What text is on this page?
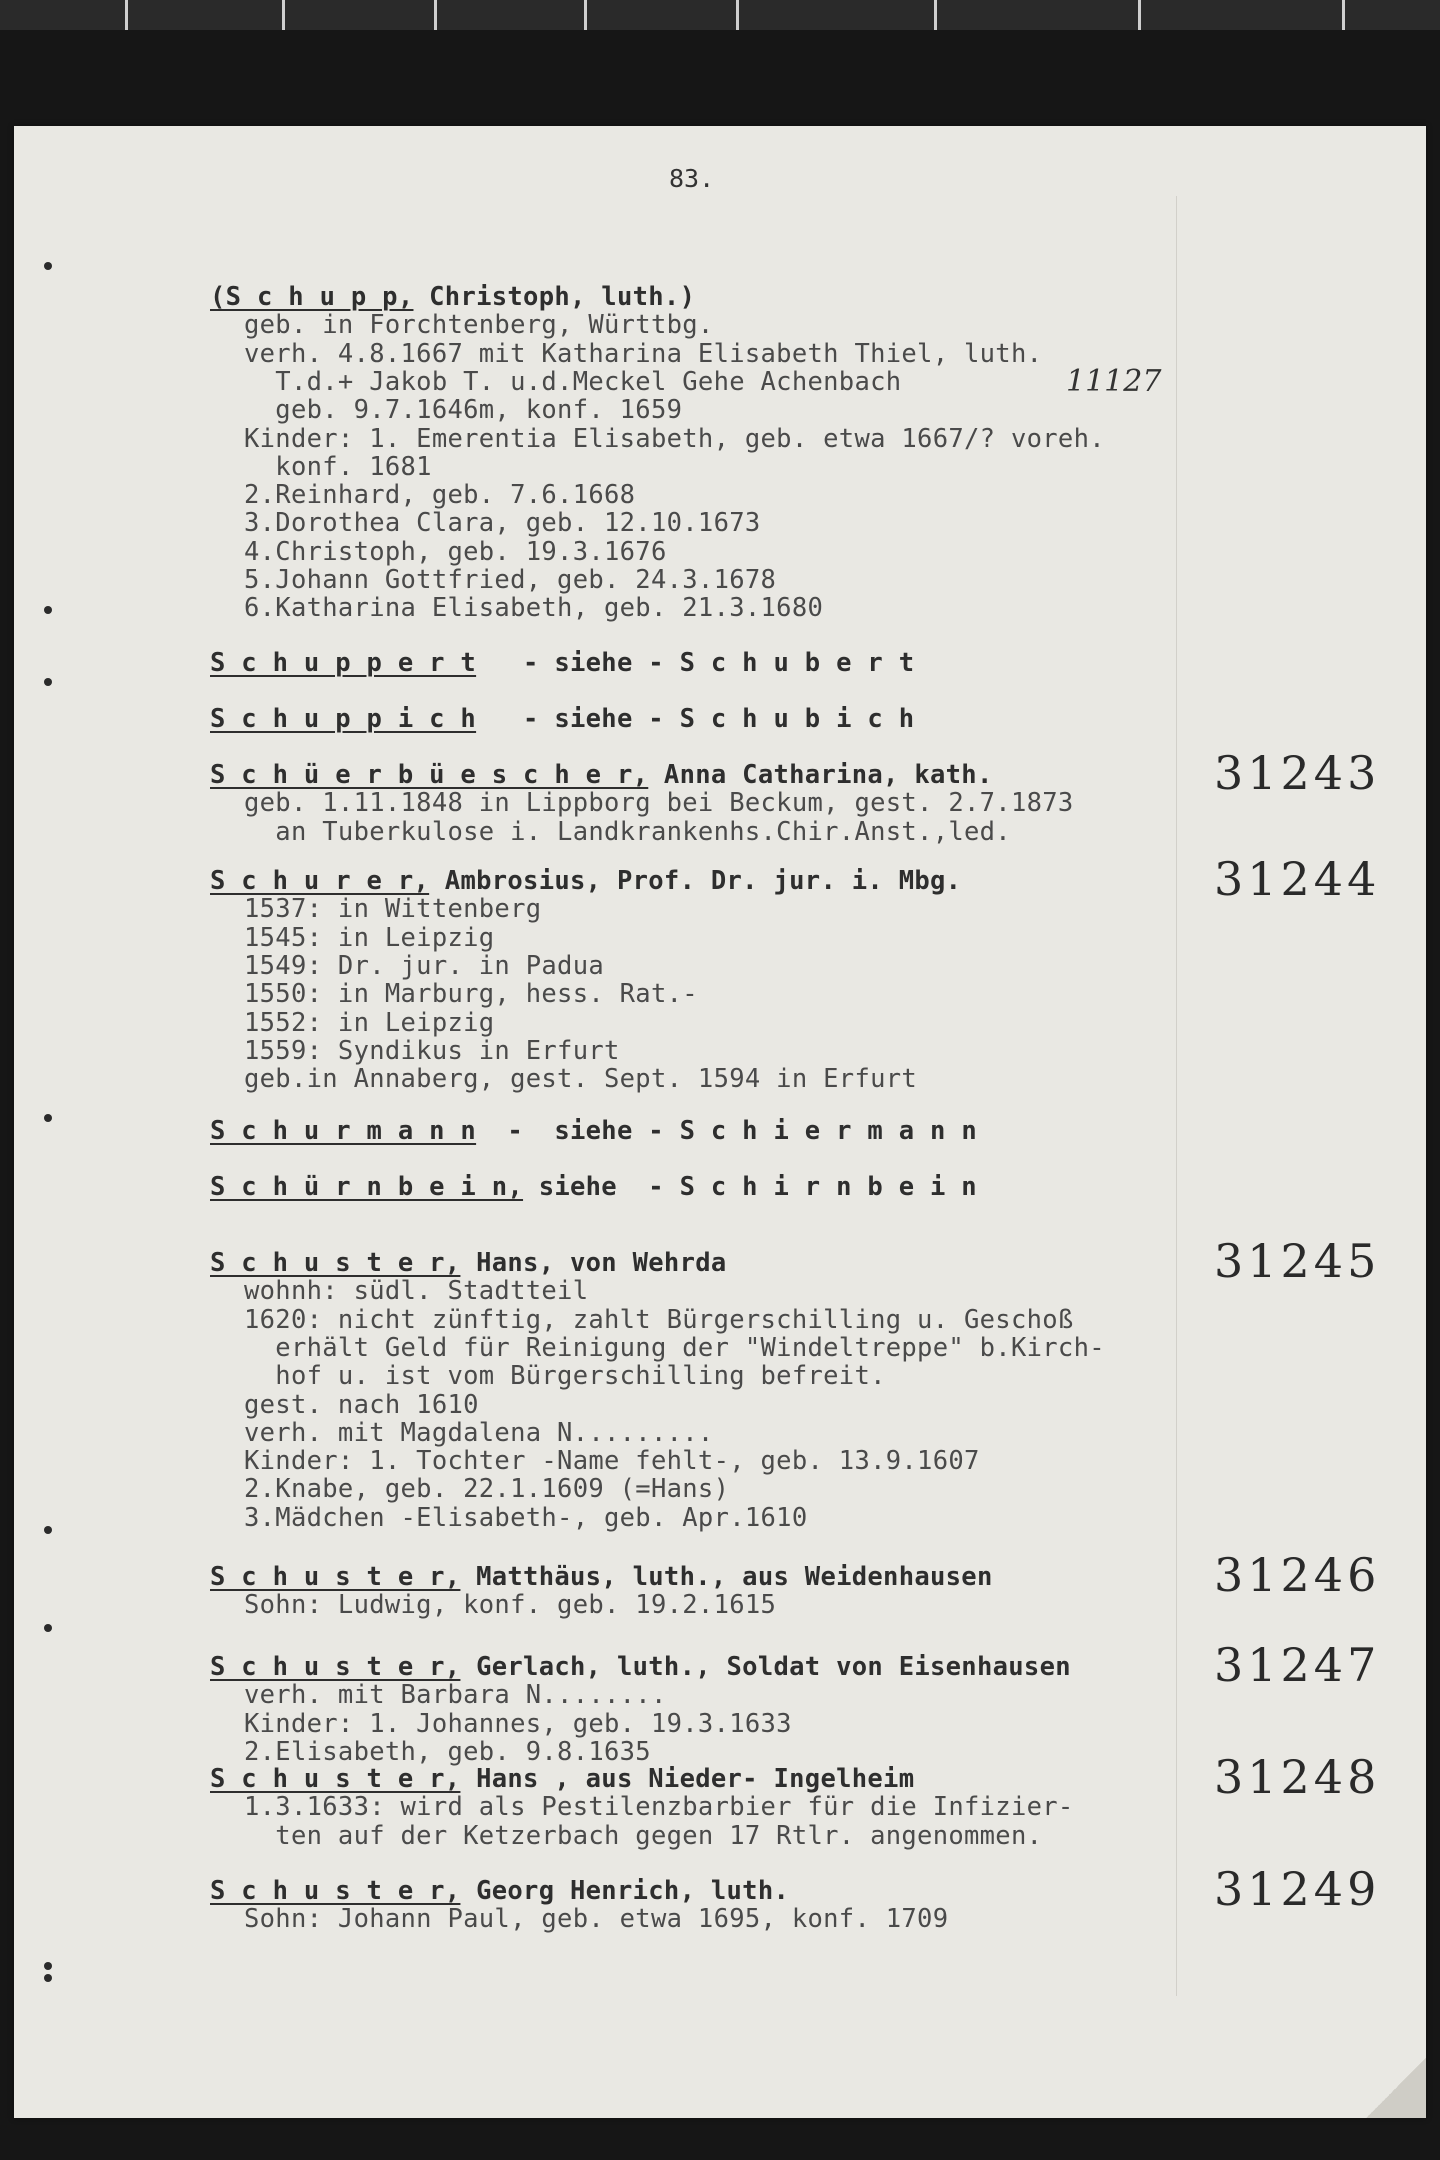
83.
11127
(S c h u p p, Christoph, luth.)
geb. in Forchtenberg, Württbg.
verh. 4.8.1667 mit Katharina Elisabeth Thiel, luth.
T.d.+ Jakob T. u.d.Meckel Gehe Achenbach
geb. 9.7.1646m, konf. 1659
Kinder: 1. Emerentia Elisabeth, geb. etwa 1667/? voreh.
konf. 1681
2.Reinhard, geb. 7.6.1668
3.Dorothea Clara, geb. 12.10.1673
4.Christoph, geb. 19.3.1676
5.Johann Gottfried, geb. 24.3.1678
6.Katharina Elisabeth, geb. 21.3.1680
S c h u p p e r t   - siehe - S c h u b e r t
S c h u p p i c h   - siehe - S c h u b i c h
S c h ü e r b ü e s c h e r, Anna Catharina, kath.
geb. 1.11.1848 in Lippborg bei Beckum, gest. 2.7.1873
an Tuberkulose i. Landkrankenhs.Chir.Anst.,led.
31243
S c h u r e r, Ambrosius, Prof. Dr. jur. i. Mbg.
1537: in Wittenberg
1545: in Leipzig
1549: Dr. jur. in Padua
1550: in Marburg, hess. Rat.-
1552: in Leipzig
1559: Syndikus in Erfurt
geb.in Annaberg, gest. Sept. 1594 in Erfurt
31244
S c h u r m a n n  -  siehe - S c h i e r m a n n
S c h ü r n b e i n, siehe  - S c h i r n b e i n
S c h u s t e r, Hans, von Wehrda
wohnh: südl. Stadtteil
1620: nicht zünftig, zahlt Bürgerschilling u. Geschoß
erhält Geld für Reinigung der "Windeltreppe" b.Kirch-
hof u. ist vom Bürgerschilling befreit.
gest. nach 1610
verh. mit Magdalena N.........
Kinder: 1. Tochter -Name fehlt-, geb. 13.9.1607
2.Knabe, geb. 22.1.1609 (=Hans)
3.Mädchen -Elisabeth-, geb. Apr.1610
31245
S c h u s t e r, Matthäus, luth., aus Weidenhausen
Sohn: Ludwig, konf. geb. 19.2.1615
31246
S c h u s t e r, Gerlach, luth., Soldat von Eisenhausen
verh. mit Barbara N........
Kinder: 1. Johannes, geb. 19.3.1633
2.Elisabeth, geb. 9.8.1635
31247
S c h u s t e r, Hans , aus Nieder- Ingelheim
1.3.1633: wird als Pestilenzbarbier für die Infizier-
ten auf der Ketzerbach gegen 17 Rtlr. angenommen.
31248
S c h u s t e r, Georg Henrich, luth.
Sohn: Johann Paul, geb. etwa 1695, konf. 1709
31249
